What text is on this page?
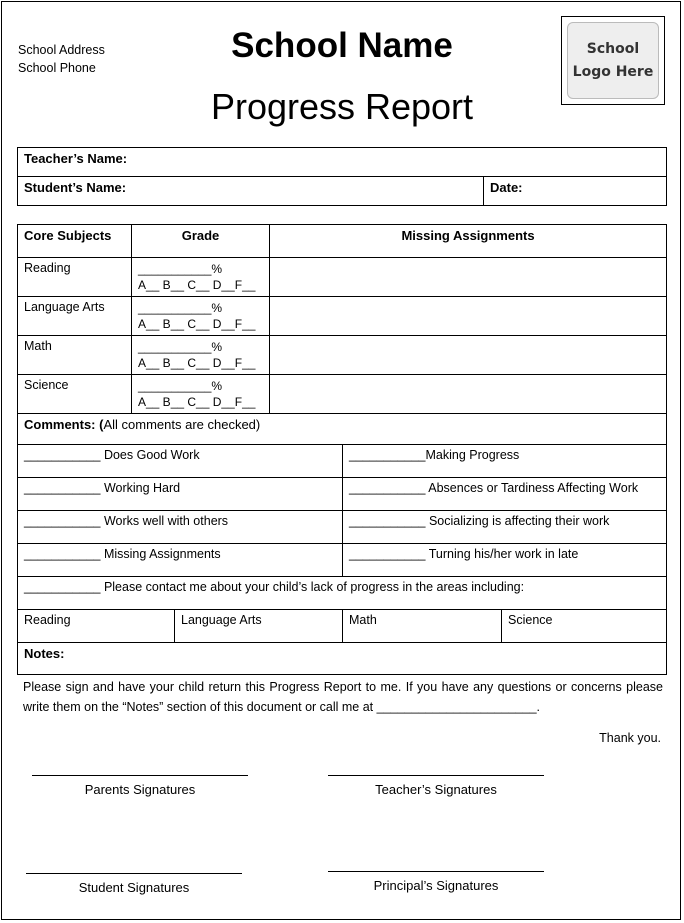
School Address
School Phone
School Name
Progress Report
School
Logo Here
Teacher’s Name:
Student’s Name:	Date:
Core Subjects	Grade		Missing Assignments		
Reading	___________%
A__ B__ C__ D__F__				

Language Arts	___________%
A__ B__ C__ D__F__				

Math	___________%
A__ B__ C__ D__F__				

Science	___________%
A__ B__ C__ D__F__				

Comments: (All comments are checked)					
___________ Does Good Work				___________Making Progress	
___________ Working Hard				___________ Absences or Tardiness Affecting Work	
___________ Works well with others				___________ Socializing is affecting their work	
___________ Missing Assignments				___________ Turning his/her work in late	
___________ Please contact me about your child’s lack of progress in the areas including:					
Reading		Language Arts		Math	Science
Notes:					
Please sign and have your child return this Progress Report to me. If you have any questions or concerns please write them on the “Notes” section of this document or call me at _______________________.
Thank you.
Parents Signatures	Teacher’s Signatures
Student Signatures	Principal’s Signatures
